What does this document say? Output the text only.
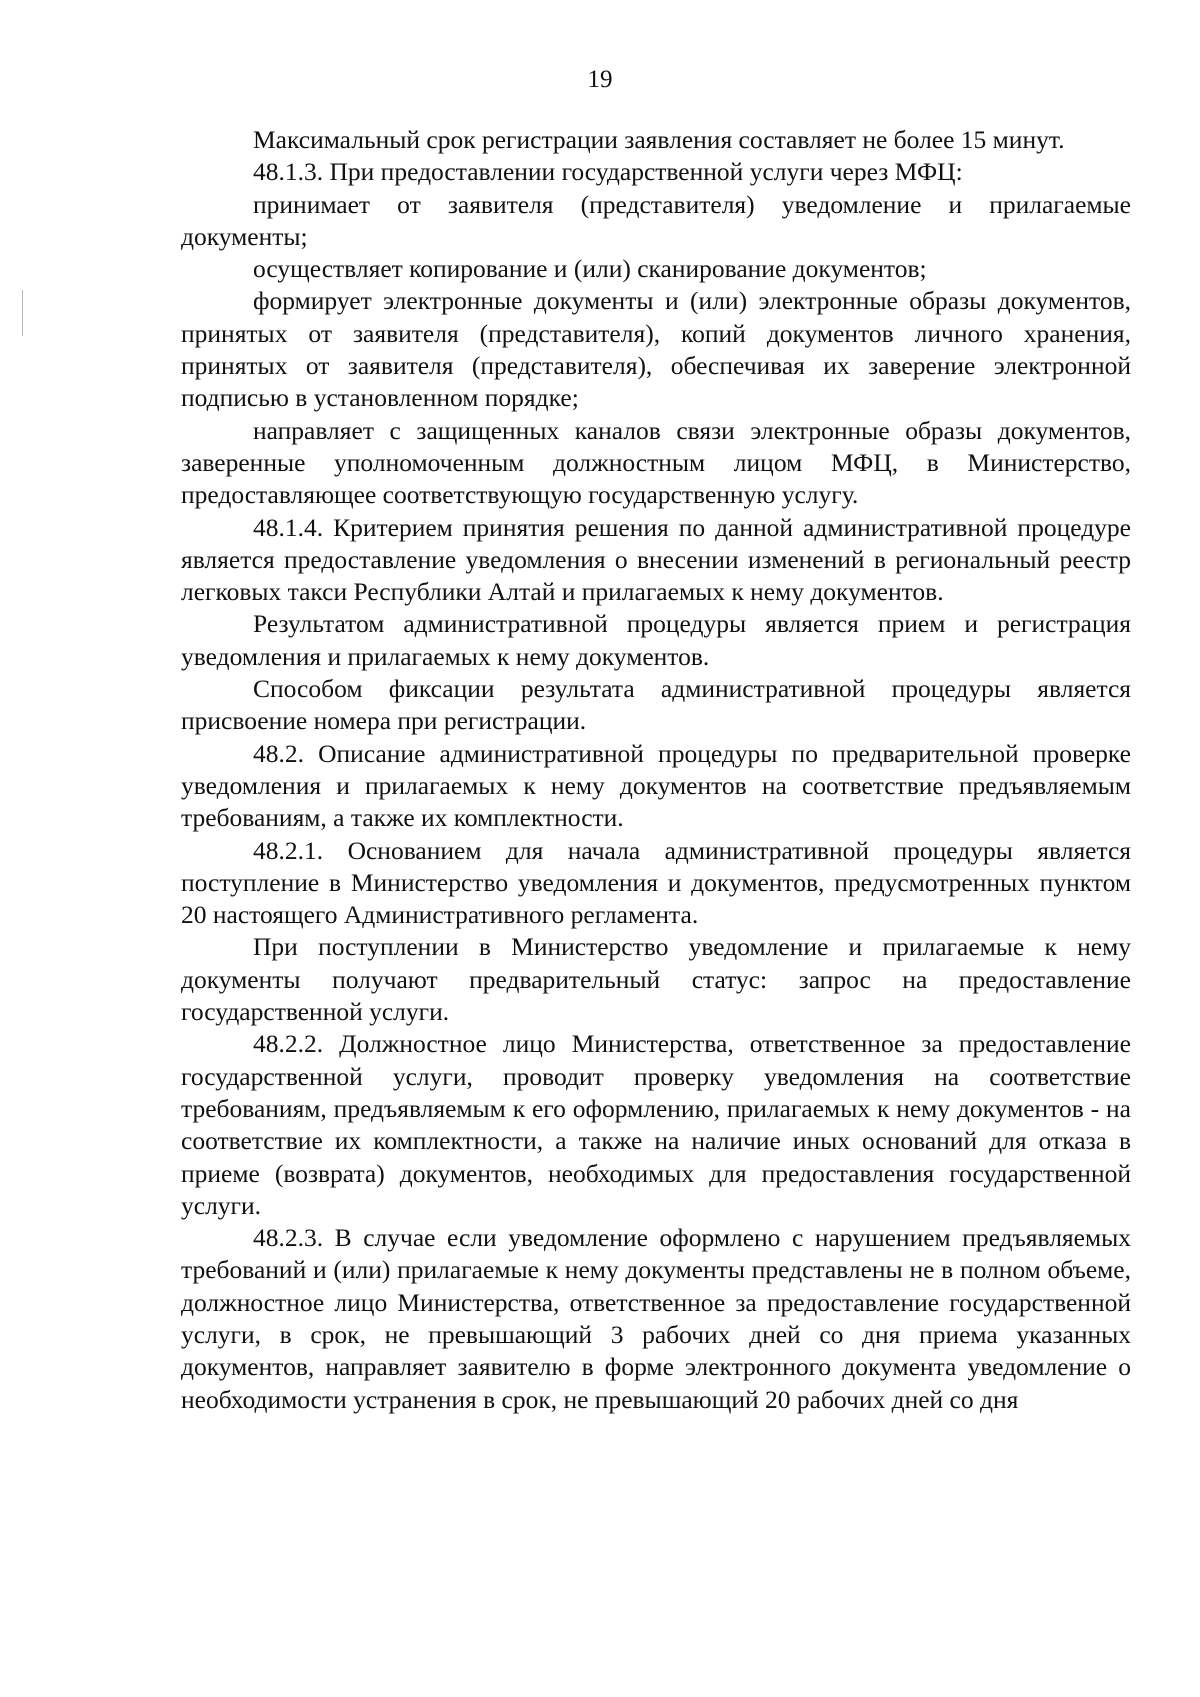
19

Максимальный срок регистрации заявления составляет не более 15 минут.

48.1.3. При предоставлении государственной услуги через МФЦ:

принимает от заявителя (представителя) уведомление и прилагаемые документы;

осуществляет копирование и (или) сканирование документов;

формирует электронные документы и (или) электронные образы документов, принятых от заявителя (представителя), копий документов личного хранения, принятых от заявителя (представителя), обеспечивая их заверение электронной подписью в установленном порядке;

направляет с защищенных каналов связи электронные образы документов, заверенные уполномоченным должностным лицом МФЦ, в Министерство, предоставляющее соответствующую государственную услугу.

48.1.4. Критерием принятия решения по данной административной процедуре является предоставление уведомления о внесении изменений в региональный реестр легковых такси Республики Алтай и прилагаемых к нему документов.

Результатом административной процедуры является прием и регистрация уведомления и прилагаемых к нему документов.

Способом фиксации результата административной процедуры является присвоение номера при регистрации.

48.2. Описание административной процедуры по предварительной проверке уведомления и прилагаемых к нему документов на соответствие предъявляемым требованиям, а также их комплектности.

48.2.1. Основанием для начала административной процедуры является поступление в Министерство уведомления и документов, предусмотренных пунктом 20 настоящего Административного регламента.

При поступлении в Министерство уведомление и прилагаемые к нему документы получают предварительный статус: запрос на предоставление государственной услуги.

48.2.2. Должностное лицо Министерства, ответственное за предоставление государственной услуги, проводит проверку уведомления на соответствие требованиям, предъявляемым к его оформлению, прилагаемых к нему документов - на соответствие их комплектности, а также на наличие иных оснований для отказа в приеме (возврата) документов, необходимых для предоставления государственной услуги.

48.2.3. В случае если уведомление оформлено с нарушением предъявляемых требований и (или) прилагаемые к нему документы представлены не в полном объеме, должностное лицо Министерства, ответственное за предоставление государственной услуги, в срок, не превышающий 3 рабочих дней со дня приема указанных документов, направляет заявителю в форме электронного документа уведомление о необходимости устранения в срок, не превышающий 20 рабочих дней со дня
